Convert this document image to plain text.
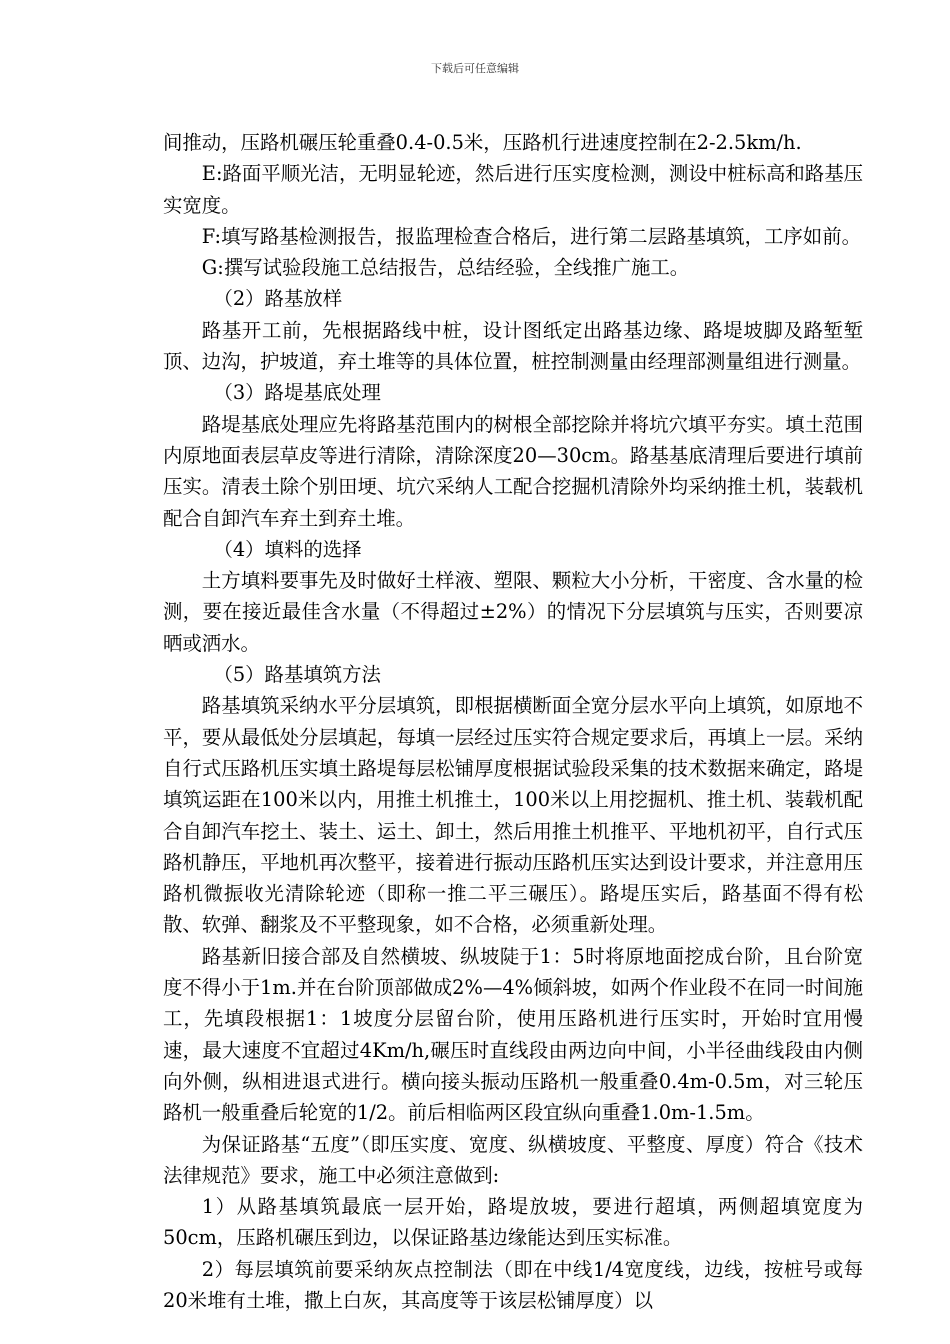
下载后可任意编辑

间推动，压路机碾压轮重叠0.4-0.5米，压路机行进速度控制在2-2.5km/h.

E:路面平顺光洁，无明显轮迹，然后进行压实度检测，测设中桩标高和路基压实宽度。

F:填写路基检测报告，报监理检查合格后，进行第二层路基填筑，工序如前。

G:撰写试验段施工总结报告，总结经验，全线推广施工。

（2）路基放样

路基开工前，先根据路线中桩，设计图纸定出路基边缘、路堤坡脚及路堑堑顶、边沟，护坡道，弃土堆等的具体位置，桩控制测量由经理部测量组进行测量。

（3）路堤基底处理

路堤基底处理应先将路基范围内的树根全部挖除并将坑穴填平夯实。填土范围内原地面表层草皮等进行清除，清除深度20—30cm。路基基底清理后要进行填前压实。清表土除个别田埂、坑穴采纳人工配合挖掘机清除外均采纳推土机，装载机配合自卸汽车弃土到弃土堆。

（4）填料的选择

土方填料要事先及时做好土样液、塑限、颗粒大小分析，干密度、含水量的检测，要在接近最佳含水量（不得超过±2%）的情况下分层填筑与压实，否则要凉晒或洒水。

（5）路基填筑方法

路基填筑采纳水平分层填筑，即根据横断面全宽分层水平向上填筑，如原地不平，要从最低处分层填起，每填一层经过压实符合规定要求后，再填上一层。采纳自行式压路机压实填土路堤每层松铺厚度根据试验段采集的技术数据来确定，路堤填筑运距在100米以内，用推土机推土，100米以上用挖掘机、推土机、装载机配合自卸汽车挖土、装土、运土、卸土，然后用推土机推平、平地机初平，自行式压路机静压，平地机再次整平，接着进行振动压路机压实达到设计要求，并注意用压路机微振收光清除轮迹（即称一推二平三碾压）。路堤压实后，路基面不得有松散、软弹、翻浆及不平整现象，如不合格，必须重新处理。

路基新旧接合部及自然横坡、纵坡陡于1：5时将原地面挖成台阶，且台阶宽度不得小于1m.并在台阶顶部做成2%—4%倾斜坡，如两个作业段不在同一时间施工，先填段根据1：1坡度分层留台阶，使用压路机进行压实时，开始时宜用慢速，最大速度不宜超过4Km/h,碾压时直线段由两边向中间，小半径曲线段由内侧向外侧，纵相进退式进行。横向接头振动压路机一般重叠0.4m-0.5m，对三轮压路机一般重叠后轮宽的1/2。前后相临两区段宜纵向重叠1.0m-1.5m。

为保证路基“五度”（即压实度、宽度、纵横坡度、平整度、厚度）符合《技术法律规范》要求，施工中必须注意做到:

1）从路基填筑最底一层开始，路堤放坡，要进行超填，两侧超填宽度为50cm，压路机碾压到边，以保证路基边缘能达到压实标准。

2）每层填筑前要采纳灰点控制法（即在中线1/4宽度线，边线，按桩号或每20米堆有土堆，撒上白灰，其高度等于该层松铺厚度）以
